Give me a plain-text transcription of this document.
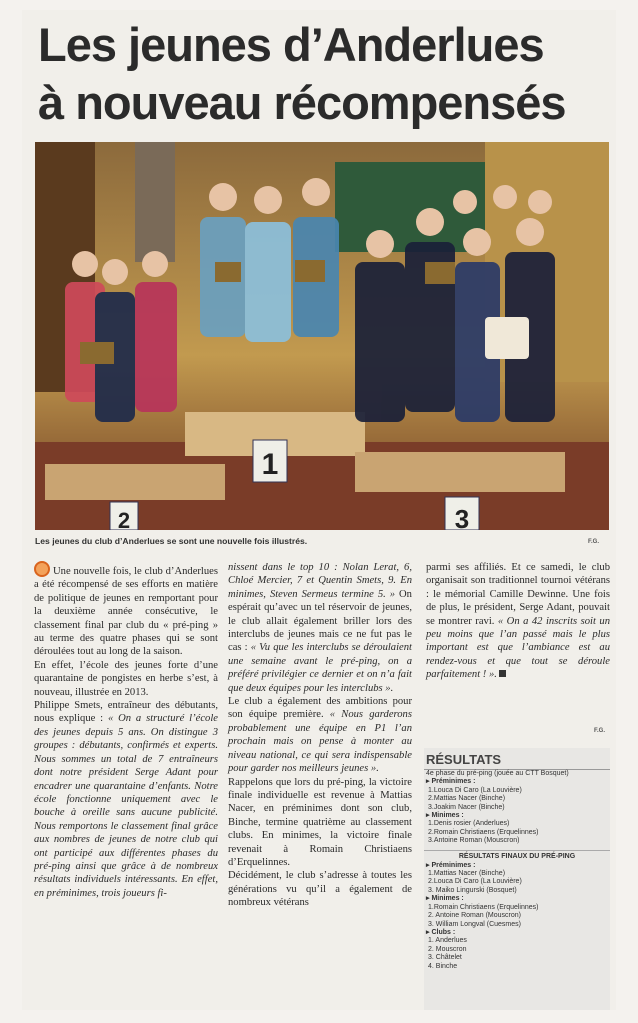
Les jeunes d’Anderlues
à nouveau récompensés
1
2	3
Les jeunes du club d’Anderlues se sont une nouvelle fois illustrés.	F.G.

Une nouvelle fois, le club d’Anderlues a été récompensé de ses efforts en matière de politique de jeunes en remportant pour la deuxième année consécutive, le classement final par club du « pré-ping » au terme des quatre phases qui se sont déroulées tout au long de la saison.

En effet, l’école des jeunes forte d’une quarantaine de pongistes en herbe s’est, à nouveau, illustrée en 2013.

Philippe Smets, entraîneur des débutants, nous explique : « On a structuré l’école des jeunes depuis 5 ans. On distingue 3 groupes : débutants, confirmés et experts. Nous sommes un total de 7 entraîneurs dont notre président Serge Adant pour encadrer une quarantaine d’enfants. Notre école fonctionne uniquement avec le bouche à oreille sans aucune publicité. Nous remportons le classement final grâce aux nombres de jeunes de notre club qui ont participé aux différentes phases du pré-ping ainsi que grâce à de nombreux résultats individuels intéressants. En effet, en préminimes, trois joueurs fi-

nissent dans le top 10 : Nolan Lerat, 6, Chloé Mercier, 7 et Quentin Smets, 9. En minimes, Steven Sermeus termine 5. » On espérait qu’avec un tel réservoir de jeunes, le club allait également briller lors des interclubs de jeunes mais ce ne fut pas le cas : « Vu que les interclubs se déroulaient une semaine avant le pré-ping, on a préféré privilégier ce dernier et on n’a fait que deux équipes pour les interclubs ».

Le club a également des ambitions pour son équipe première. « Nous garderons probablement une équipe en P1 l’an prochain mais on pense à monter au niveau national, ce qui sera indispensable pour garder nos meilleurs jeunes ».

Rappelons que lors du pré-ping, la victoire finale individuelle est revenue à Mattias Nacer, en préminimes dont son club, Binche, termine quatrième au classement clubs. En minimes, la victoire finale revenait à Romain Christiaens d’Erquelinnes.

Décidément, le club s’adresse à toutes les générations vu qu’il a également de nombreux vétérans

parmi ses affiliés. Et ce samedi, le club organisait son traditionnel tournoi vétérans : le mémorial Camille Dewinne. Une fois de plus, le président, Serge Adant, pouvait se montrer ravi. « On a 42 inscrits soit un peu moins que l’an passé mais le plus important est que l’ambiance est au rendez-vous et que tout se déroule parfaitement ! ».

F.G.
RÉSULTATS
4e phase du pré-ping (jouée au CTT Bosquet)
▸ Préminimes :
1.Louca Di Caro (La Louvière)
2.Mattias Nacer (Binche)
3.Joakim Nacer (Binche)
▸ Minimes :
1.Denis rosier (Anderlues)
2.Romain Christiaens (Erquelinnes)
3.Antoine Roman (Mouscron)
RÉSULTATS FINAUX DU PRÉ-PING
▸ Préminimes :
1.Mattias Nacer (Binche)
2.Louca Di Caro (La Louvière)
3. Maiko Lingurski (Bosquet)
▸ Minimes :
1.Romain Christiaens (Erquelinnes)
2. Antoine Roman (Mouscron)
3. William Longval (Cuesmes)
▸ Clubs :
1. Anderlues
2. Mouscron
3. Châtelet
4. Binche
